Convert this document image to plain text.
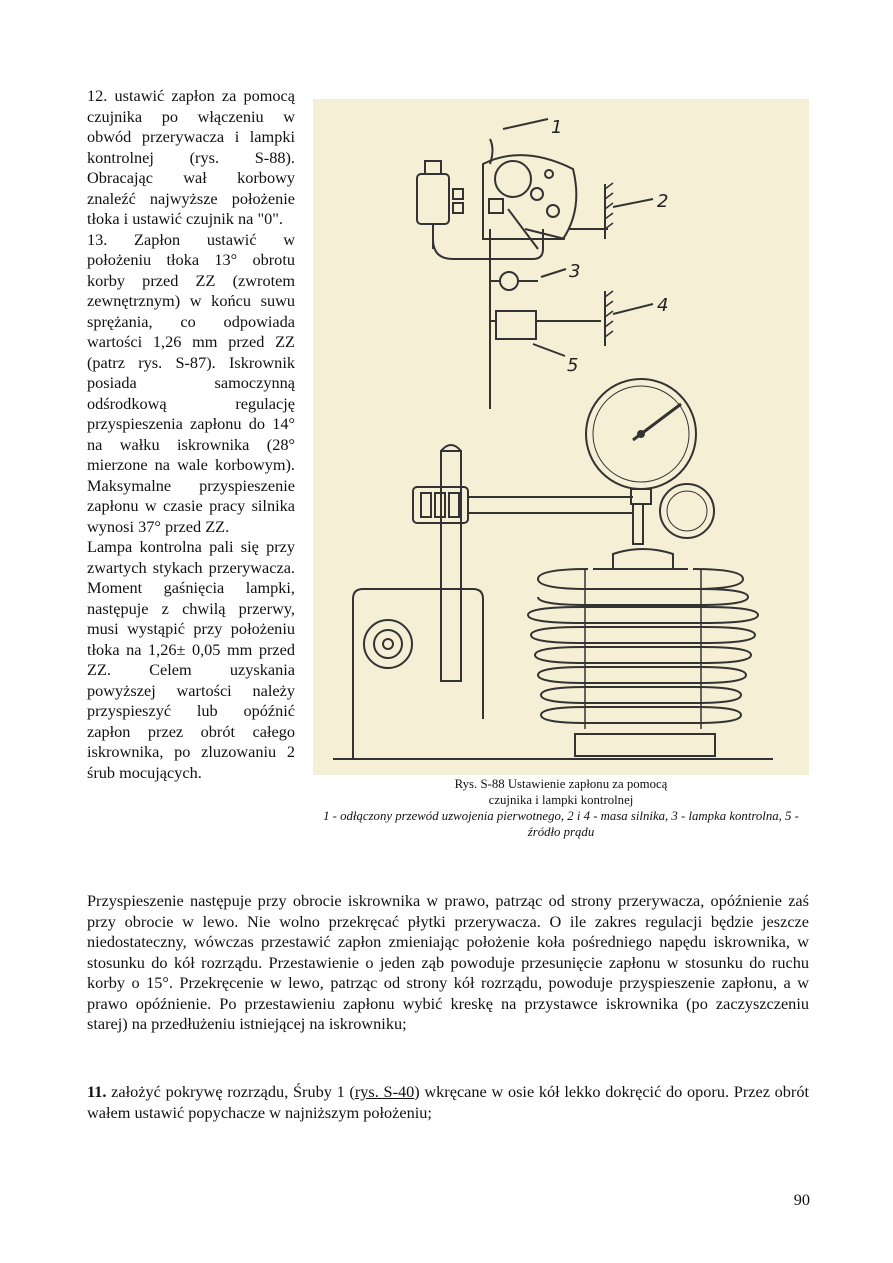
12. ustawić zapłon za pomocą czujnika po włączeniu w obwód przerywacza i lampki kontrolnej (rys. S-88). Obracając wał korbowy znaleźć najwyższe położenie tłoka i ustawić czujnik na "0".

13. Zapłon ustawić w położeniu tłoka 13° obrotu korby przed ZZ (zwrotem zewnętrznym) w końcu suwu sprężania, co odpowiada wartości 1,26 mm przed ZZ (patrz rys. S-87). Iskrownik posiada samoczynną odśrodkową regulację przyspieszenia zapłonu do 14° na wałku iskrownika (28° mierzone na wale korbowym). Maksymalne przyspieszenie zapłonu w czasie pracy silnika wynosi 37° przed ZZ.

Lampa kontrolna pali się przy zwartych stykach przerywacza. Moment gaśnięcia lampki, następuje z chwilą przerwy, musi wystąpić przy położeniu tłoka na 1,26± 0,05 mm przed ZZ. Celem uzyskania powyższej wartości należy przyspieszyć lub opóźnić zapłon przez obrót całego iskrownika, po zluzowaniu 2 śrub mocujących.

1
2
3
4
5
Rys. S-88 Ustawienie zapłonu za pomocą
czujnika i lampki kontrolnej
1 - odłączony przewód uzwojenia pierwotnego, 2 i 4 - masa silnika, 3 - lampka kontrolna, 5 - źródło prądu

Przyspieszenie następuje przy obrocie iskrownika w prawo, patrząc od strony przerywacza, opóźnienie zaś przy obrocie w lewo. Nie wolno przekręcać płytki przerywacza. O ile zakres regulacji będzie jeszcze niedostateczny, wówczas przestawić zapłon zmieniając położenie koła pośredniego napędu iskrownika, w stosunku do kół rozrządu. Przestawienie o jeden ząb powoduje przesunięcie zapłonu w stosunku do ruchu korby o 15°. Przekręcenie w lewo, patrząc od strony kół rozrządu, powoduje przyspieszenie zapłonu, a w prawo opóźnienie. Po przestawieniu zapłonu wybić kreskę na przystawce iskrownika (po zaczyszczeniu starej) na przedłużeniu istniejącej na iskrowniku;

11. założyć pokrywę rozrządu, Śruby 1 (rys. S-40) wkręcane w osie kół lekko dokręcić do oporu. Przez obrót wałem ustawić popychacze w najniższym położeniu;
90
